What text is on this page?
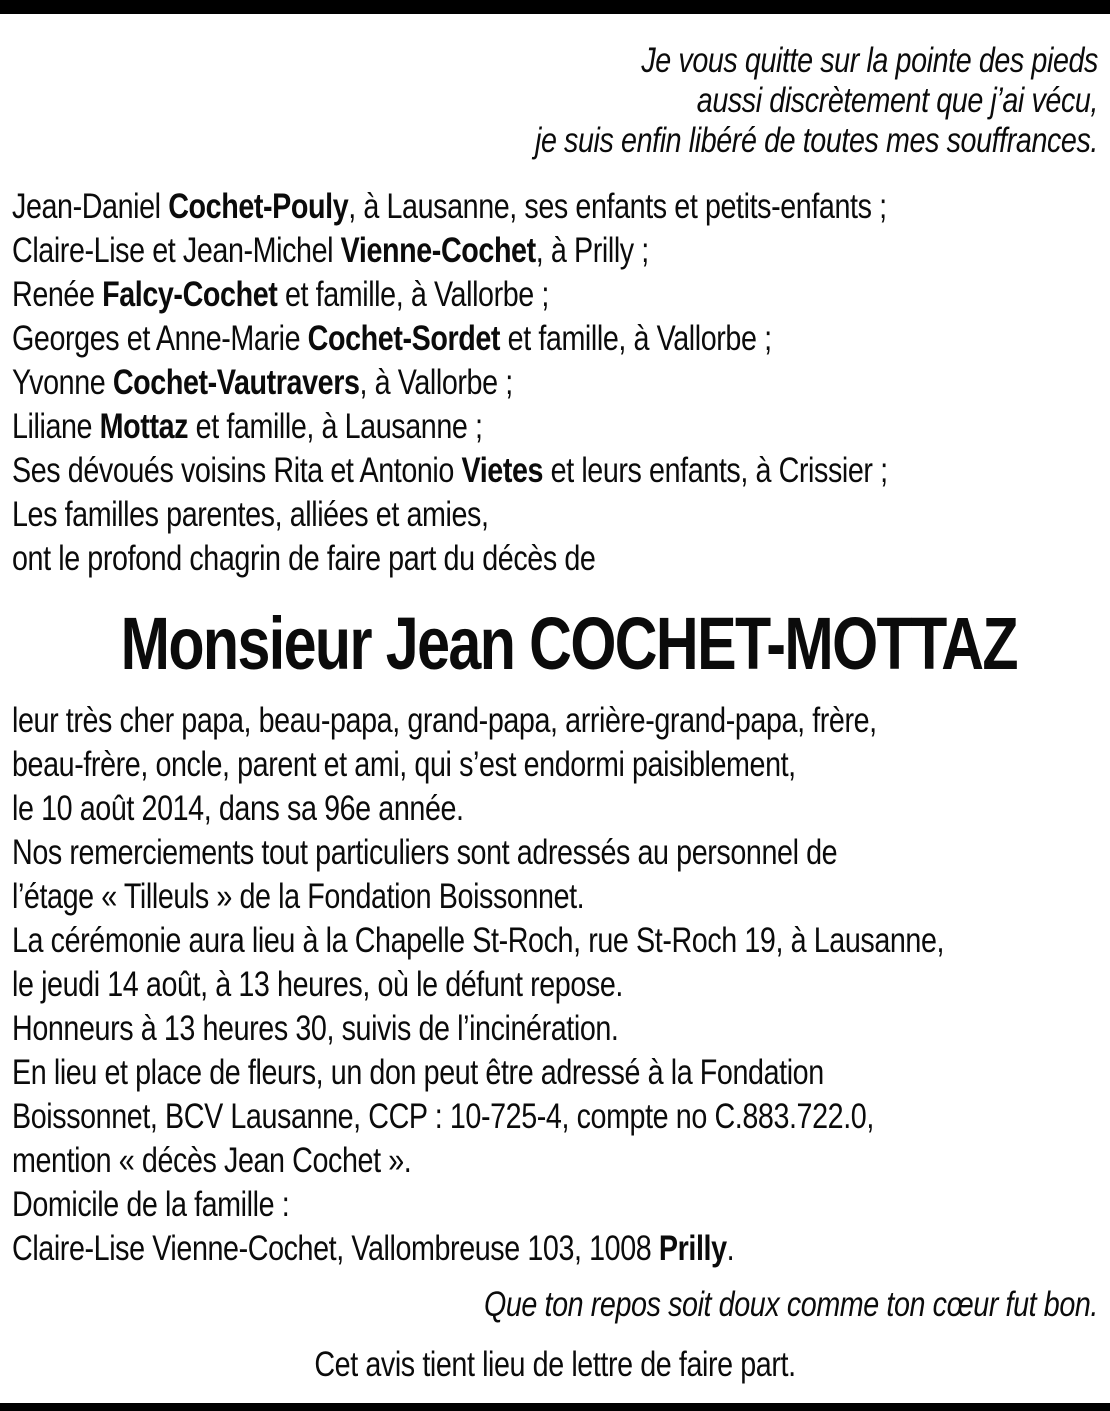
Je vous quitte sur la pointe des pieds
aussi discrètement que j’ai vécu,
je suis enfin libéré de toutes mes souffrances.
Jean-Daniel Cochet-Pouly, à Lausanne, ses enfants et petits-enfants ;
Claire-Lise et Jean-Michel Vienne-Cochet, à Prilly ;
Renée Falcy-Cochet et famille, à Vallorbe ;
Georges et Anne-Marie Cochet-Sordet et famille, à Vallorbe ;
Yvonne Cochet-Vautravers, à Vallorbe ;
Liliane Mottaz et famille, à Lausanne ;
Ses dévoués voisins Rita et Antonio Vietes et leurs enfants, à Crissier ;
Les familles parentes, alliées et amies,
ont le profond chagrin de faire part du décès de
Monsieur Jean COCHET-MOTTAZ
leur très cher papa, beau-papa, grand-papa, arrière-grand-papa, frère,
beau-frère, oncle, parent et ami, qui s’est endormi paisiblement,
le 10 août 2014, dans sa 96e année.
Nos remerciements tout particuliers sont adressés au personnel de
l’étage « Tilleuls » de la Fondation Boissonnet.
La cérémonie aura lieu à la Chapelle St-Roch, rue St-Roch 19, à Lausanne,
le jeudi 14 août, à 13 heures, où le défunt repose.
Honneurs à 13 heures 30, suivis de l’incinération.
En lieu et place de fleurs, un don peut être adressé à la Fondation
Boissonnet, BCV Lausanne, CCP : 10-725-4, compte no C.883.722.0,
mention « décès Jean Cochet ».
Domicile de la famille :
Claire-Lise Vienne-Cochet, Vallombreuse 103, 1008 Prilly.
Que ton repos soit doux comme ton cœur fut bon.
Cet avis tient lieu de lettre de faire part.
